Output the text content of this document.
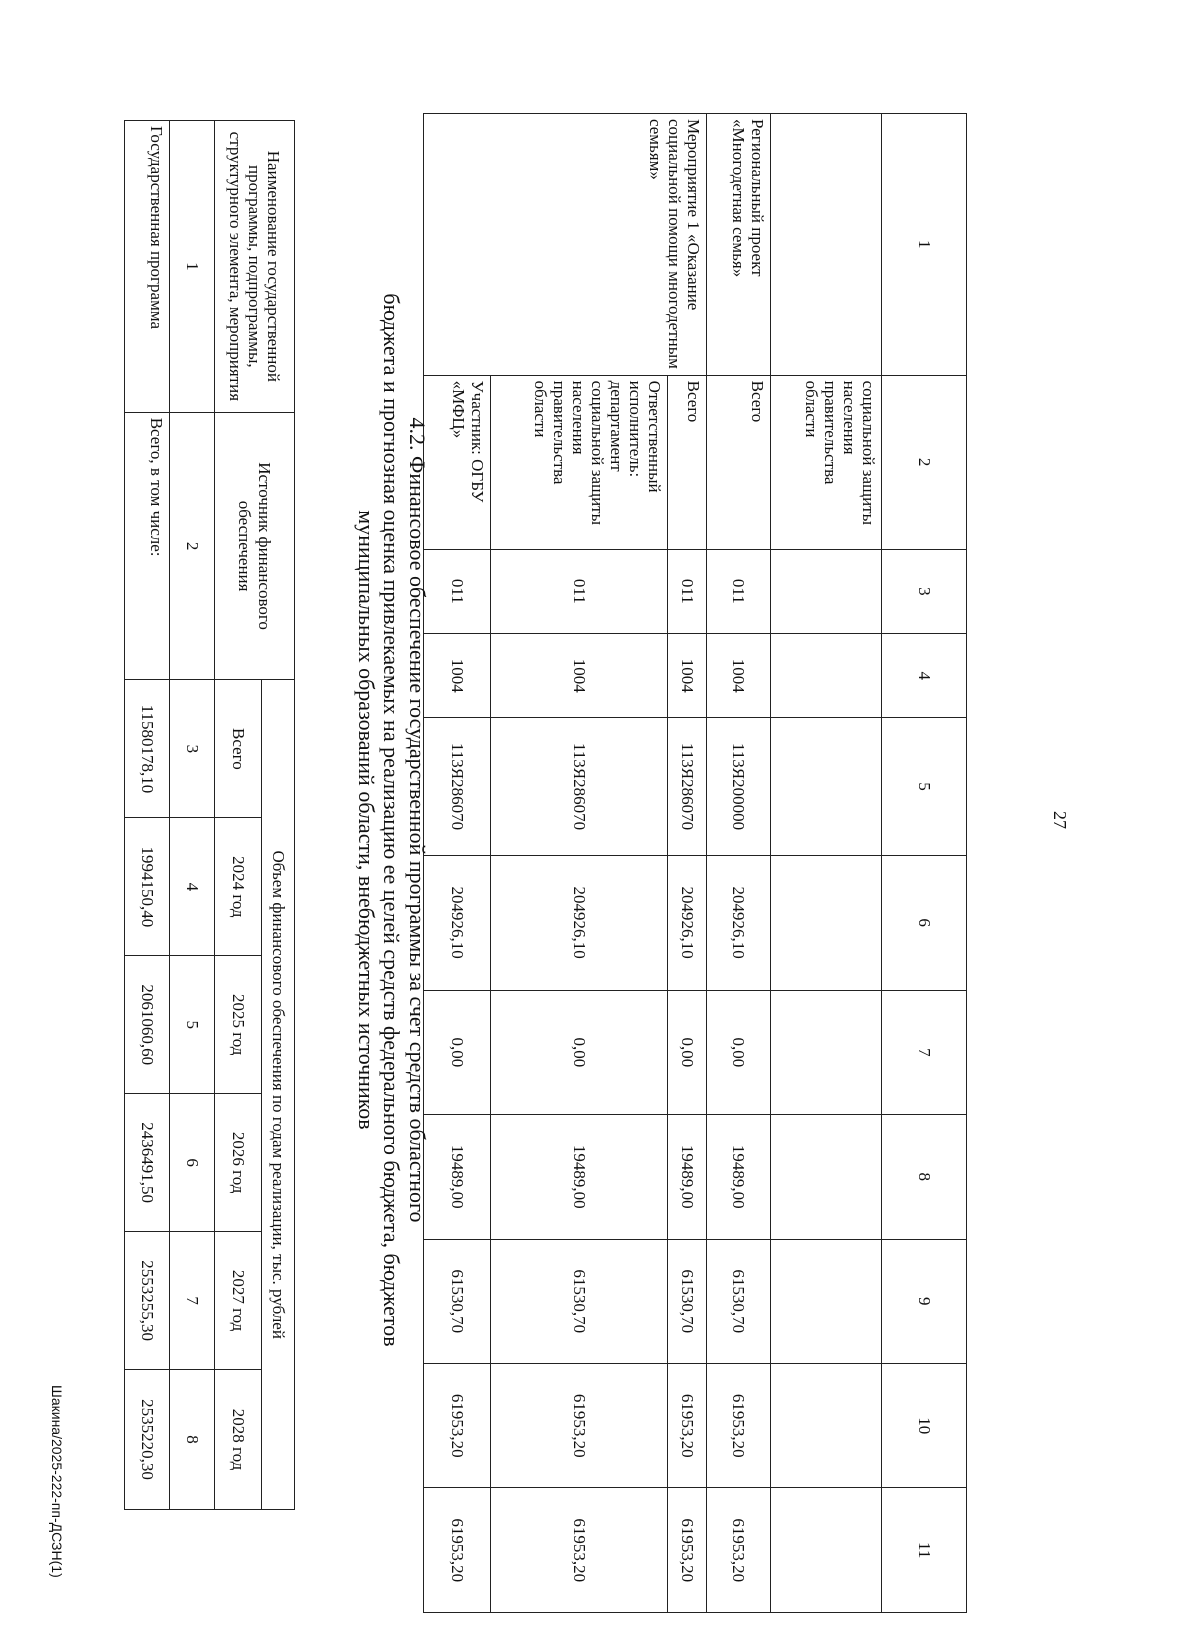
27
1	2	3	4	5	6	7	8	9	10	11
	социальной защиты населения правительства области									
Региональный проект «Многодетная семья»	Всего	011	1004	113Я200000	204926,10	0,00	19489,00	61530,70	61953,20	61953,20
Мероприятие 1 «Оказание социальной помощи многодетным семьям»	Всего	011	1004	113Я286070	204926,10	0,00	19489,00	61530,70	61953,20	61953,20
	Ответственный исполнитель: департамент социальной защиты населения правительства области	011	1004	113Я286070	204926,10	0,00	19489,00	61530,70	61953,20	61953,20
	Участник: ОГБУ «МФЦ»	011	1004	113Я286070	204926,10	0,00	19489,00	61530,70	61953,20	61953,20
4.2. Финансовое обеспечение государственной программы за счет средств областного
бюджета и прогнозная оценка привлекаемых на реализацию ее целей средств федерального бюджета, бюджетов
муниципальных образований области, внебюджетных источников
Наименование государственной программы, подпрограммы, структурного элемента, мероприятия	Источник финансового обеспечения	Объем финансового обеспечения по годам реализации, тыс. рублей					
		Всего	2024 год	2025 год	2026 год	2027 год	2028 год
1	2	3	4	5	6	7	8
Государственная программа	Всего, в том числе:	11580178,10	1994150,40	2061060,60	2436491,50	2553255,30	2535220,30
Шакина/2025-222-пп-ДСЗН(1)
